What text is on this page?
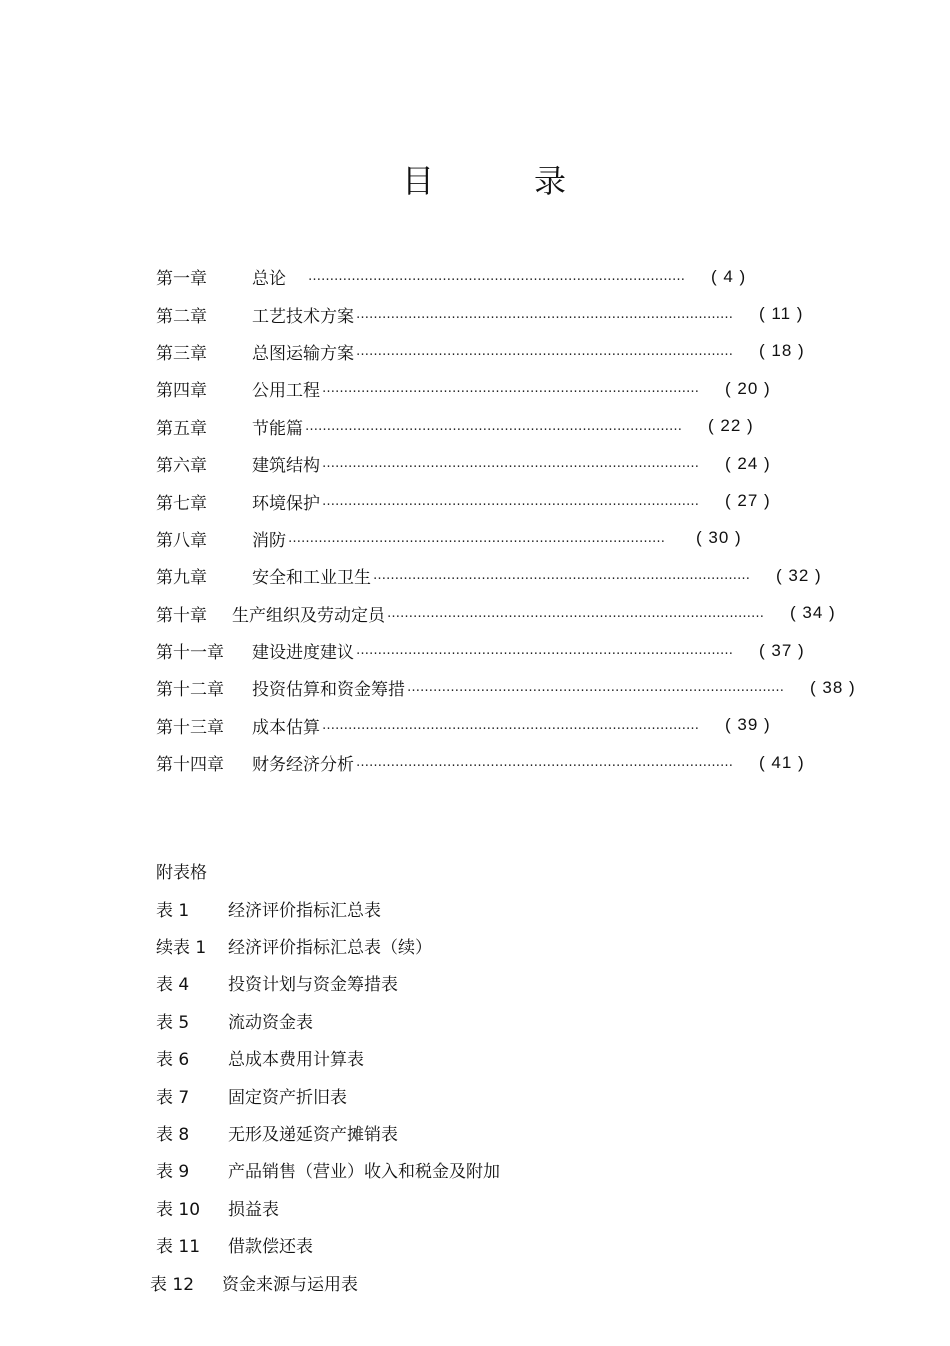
目　录
第一章	总论 …………………………………………………………………………… ( 4 )
第二章	工艺技术方案 …………………………………………………………………………… ( 11 )
第三章	总图运输方案 …………………………………………………………………………… ( 18 )
第四章	公用工程 …………………………………………………………………………… ( 20 )
第五章	节能篇 …………………………………………………………………………… ( 22 )
第六章	建筑结构 …………………………………………………………………………… ( 24 )
第七章	环境保护 …………………………………………………………………………… ( 27 )
第八章	消防 …………………………………………………………………………… ( 30 )
第九章	安全和工业卫生 …………………………………………………………………………… ( 32 )
第十章	生产组织及劳动定员 …………………………………………………………………………… ( 34 )
第十一章	建设进度建议 …………………………………………………………………………… ( 37 )
第十二章	投资估算和资金筹措 …………………………………………………………………………… ( 38 )
第十三章	成本估算 …………………………………………………………………………… ( 39 )
第十四章	财务经济分析 …………………………………………………………………………… ( 41 )
附表格
表 1	经济评价指标汇总表
续表 1	经济评价指标汇总表（续）
表 4	投资计划与资金筹措表
表 5	流动资金表
表 6	总成本费用计算表
表 7	固定资产折旧表
表 8	无形及递延资产摊销表
表 9	产品销售（营业）收入和税金及附加
表 10	损益表
表 11	借款偿还表
表 12	资金来源与运用表
